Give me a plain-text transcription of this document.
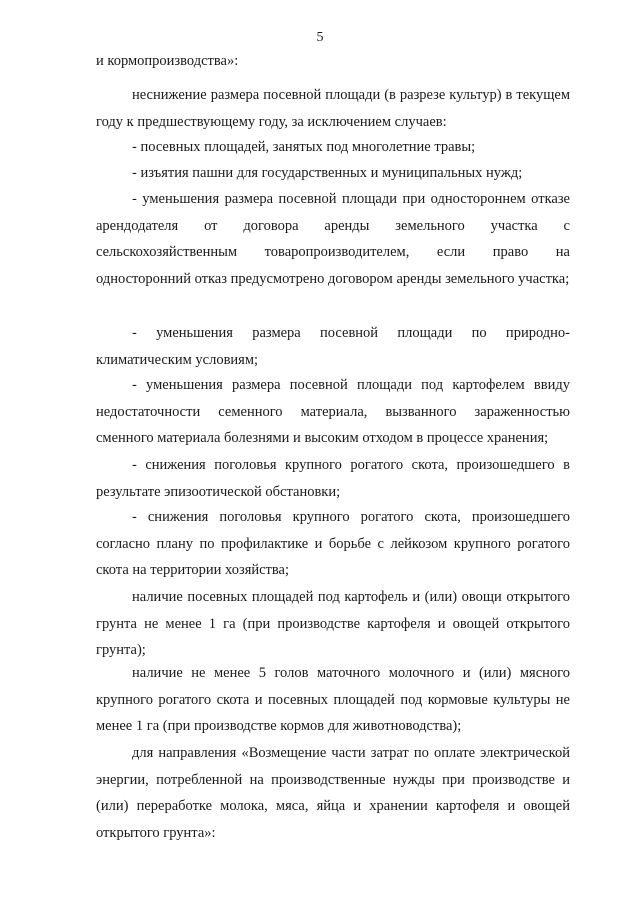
5

и кормопроизводства»:

неснижение размера посевной площади (в разрезе культур) в текущем году к предшествующему году, за исключением случаев:

- посевных площадей, занятых под многолетние травы;

- изъятия пашни для государственных и муниципальных нужд;

- уменьшения размера посевной площади при одностороннем отказе арендодателя от договора аренды земельного участка с сельскохозяйственным товаропроизводителем, если право на односторонний отказ предусмотрено договором аренды земельного участка;

- уменьшения размера посевной площади по природно-климатическим условиям;

- уменьшения размера посевной площади под картофелем ввиду недостаточности семенного материала, вызванного зараженностью сменного материала болезнями и высоким отходом в процессе хранения;

- снижения поголовья крупного рогатого скота, произошедшего в результате эпизоотической обстановки;

- снижения поголовья крупного рогатого скота, произошедшего согласно плану по профилактике и борьбе с лейкозом крупного рогатого скота на территории хозяйства;

наличие посевных площадей под картофель и (или) овощи открытого грунта не менее 1 га (при производстве картофеля и овощей открытого грунта);

наличие не менее 5 голов маточного молочного и (или) мясного крупного рогатого скота и посевных площадей под кормовые культуры не менее 1 га (при производстве кормов для животноводства);

для направления «Возмещение части затрат по оплате электрической энергии, потребленной на производственные нужды при производстве и (или) переработке молока, мяса, яйца и хранении картофеля и овощей открытого грунта»:
